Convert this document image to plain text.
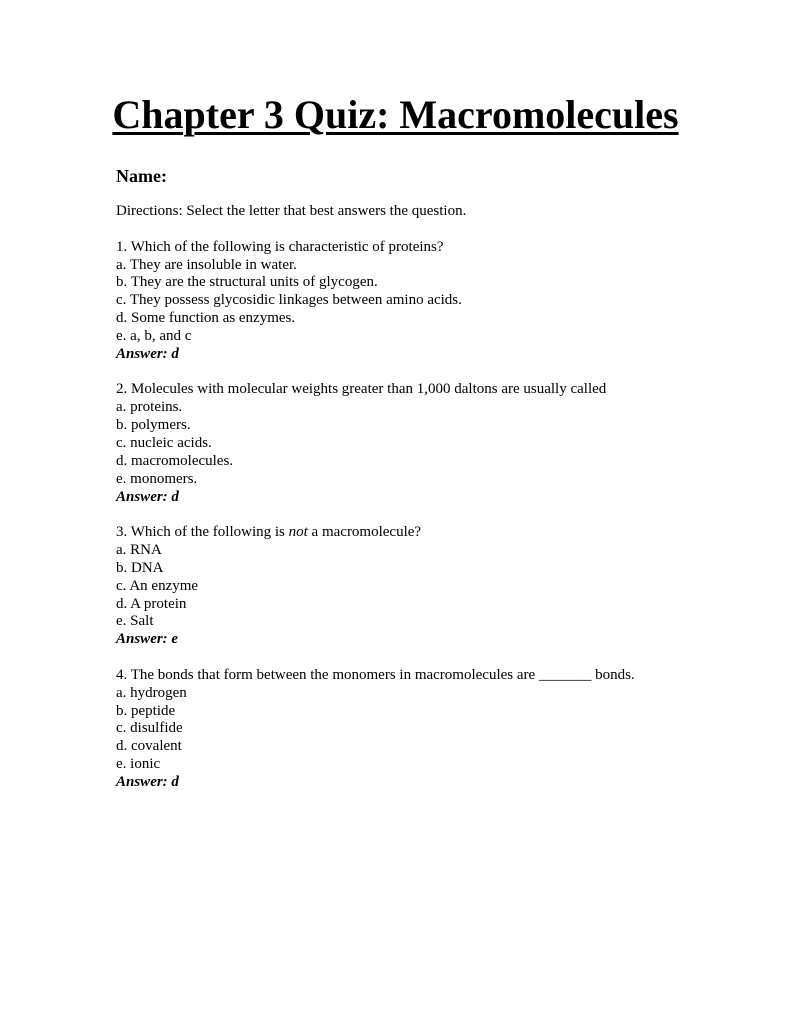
Chapter 3 Quiz: Macromolecules
Name:
Directions: Select the letter that best answers the question.
1. Which of the following is characteristic of proteins?
a. They are insoluble in water.
b. They are the structural units of glycogen.
c. They possess glycosidic linkages between amino acids.
d. Some function as enzymes.
e. a, b, and c
Answer: d
2. Molecules with molecular weights greater than 1,000 daltons are usually called
a. proteins.
b. polymers.
c. nucleic acids.
d. macromolecules.
e. monomers.
Answer: d
3. Which of the following is not a macromolecule?
a. RNA
b. DNA
c. An enzyme
d. A protein
e. Salt
Answer: e
4. The bonds that form between the monomers in macromolecules are _______ bonds.
a. hydrogen
b. peptide
c. disulfide
d. covalent
e. ionic
Answer: d
